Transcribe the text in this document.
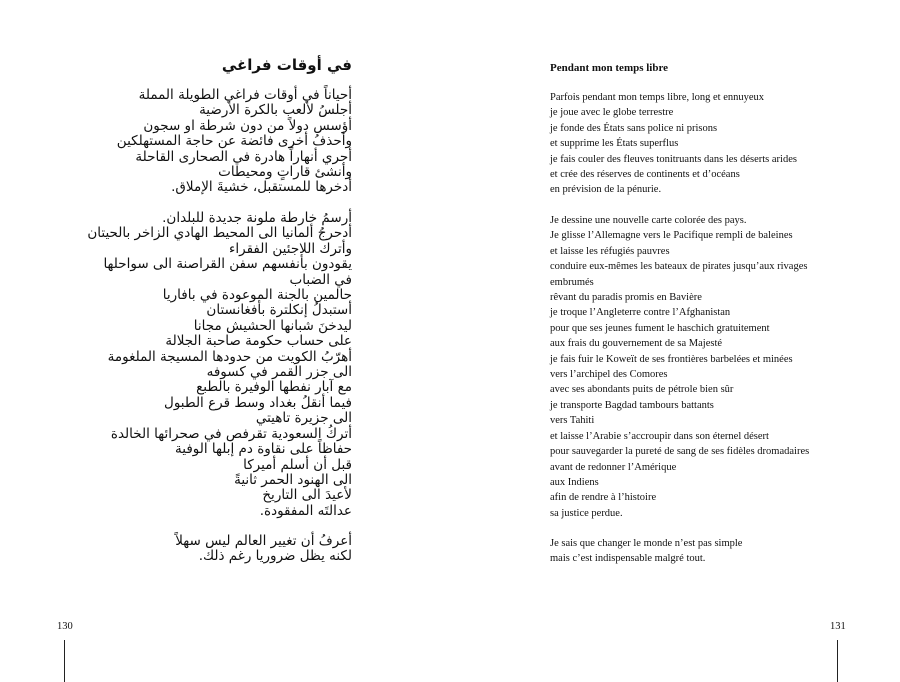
في أوقات فراغي
أحياناً في أوقات فراغي الطويلة المملة
أجلسُ لألعب بالكرة الأرضية
أؤسس دولاً من دون شرطة او سجون
وأحذفُ أخرى فائضة عن حاجة المستهلكين
أجري أنهاراً هادرة في الصحارى القاحلة
وأنشئ قاراتٍ ومحيطات
أدخرها للمستقبل، خشيةَ الإملاق.
أرسمُ خارطة ملونة جديدة للبلدان.
أدحرجُ ألمانيا الى المحيط الهادي الزاخر بالحيتان
وأترك اللاجئين الفقراء
يقودون بأنفسهم سفن القراصنة الى سواحلها
في الضباب
حالمين بالجنة الموعودة في بافاريا
أستبدلُ إنكلترة بأفغانستان
ليدخنَ شبانها الحشيش مجانا
على حساب حكومة صاحبة الجلالة
أهرّبُ الكويت من حدودها المسيجة الملغومة
الى جزر القمر في كسوفه
مع آبار نفطها الوفيرة بالطبع
فيما أنقلُ بغداد وسط قرع الطبول
الى جزيرة تاهيتي
أتركُ السعودية تقرفص في صحرائها الخالدة
حفاظاً على نقاوة دم إبلها الوفية
قبل أن أسلم أميركا
الى الهنود الحمر ثانيةً
لأعيدَ الى التاريخ
عدالتَه المفقودة.
أعرفُ أن تغيير العالم ليس سهلاً
لكنه يظل ضروريا رغم ذلك.
130
Pendant mon temps libre
Parfois pendant mon temps libre, long et ennuyeux
je joue avec le globe terrestre
je fonde des États sans police ni prisons
et supprime les États superflus
je fais couler des fleuves tonitruants dans les déserts arides
et crée des réserves de continents et d’océans
en prévision de la pénurie.
Je dessine une nouvelle carte colorée des pays.
Je glisse l’Allemagne vers le Pacifique rempli de baleines
et laisse les réfugiés pauvres
conduire eux-mêmes les bateaux de pirates jusqu’aux rivages
embrumés
rêvant du paradis promis en Bavière
je troque l’Angleterre contre l’Afghanistan
pour que ses jeunes fument le haschich gratuitement
aux frais du gouvernement de sa Majesté
je fais fuir le Koweït de ses frontières barbelées et minées
vers l’archipel des Comores
avec ses abondants puits de pétrole bien sûr
je transporte Bagdad tambours battants
vers Tahiti
et laisse l’Arabie s’accroupir dans son éternel désert
pour sauvegarder la pureté de sang de ses fidèles dromadaires
avant de redonner l’Amérique
aux Indiens
afin de rendre à l’histoire
sa justice perdue.
Je sais que changer le monde n’est pas simple
mais c’est indispensable malgré tout.
131
